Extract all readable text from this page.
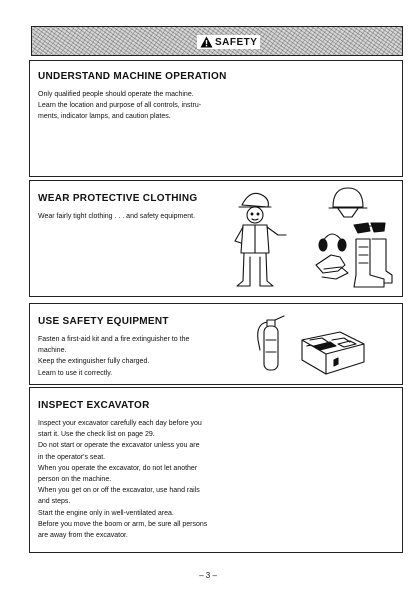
SAFETY
UNDERSTAND MACHINE OPERATION

Only qualified people should operate the machine.

Learn the location and purpose of all controls, instru-

ments, indicator lamps, and caution plates.

WEAR PROTECTIVE CLOTHING

Wear fairly tight clothing . . . and safety equipment.

USE SAFETY EQUIPMENT

Fasten a first-aid kit and a fire extinguisher to the

machine.

Keep the extinguisher fully charged.

Learn to use it correctly.

INSPECT EXCAVATOR

Inspect your excavator carefully each day before you

start it. Use the check list on page 29.

Do not start or operate the excavator unless you are

in the operator's seat.

When you operate the excavator, do not let another

person on the machine.

When you get on or off the excavator, use hand rails

and steps.

Start the engine only in well-ventilated area.

Before you move the boom or arm, be sure all persons

are away from the excavator.

– 3 –
